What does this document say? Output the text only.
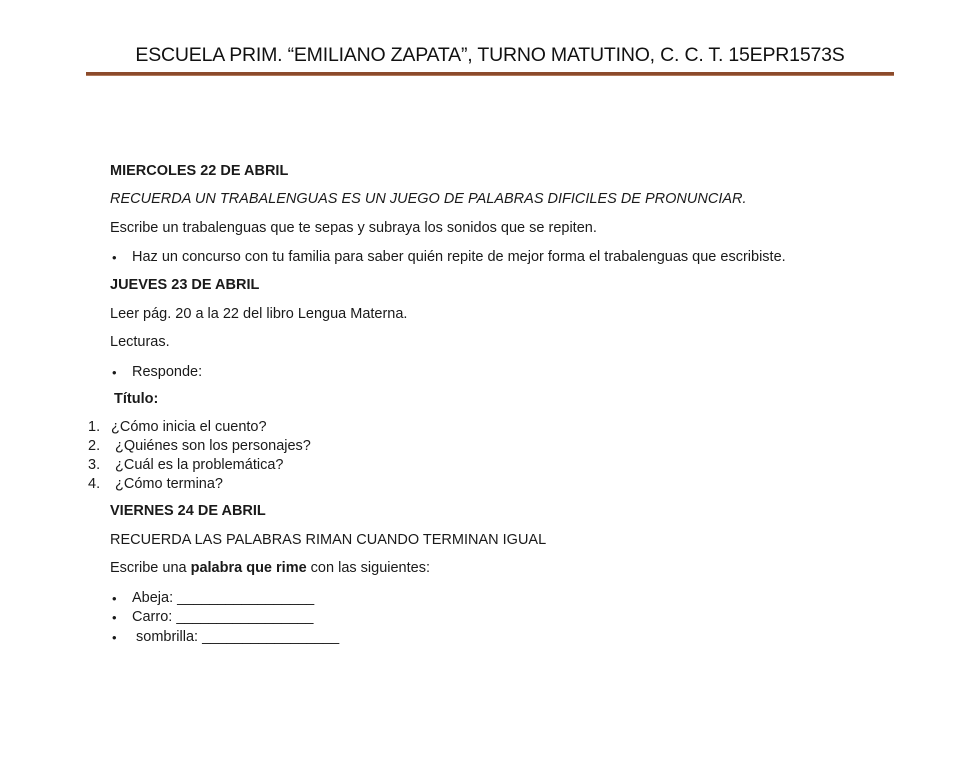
ESCUELA PRIM. “EMILIANO ZAPATA”, TURNO MATUTINO, C. C. T. 15EPR1573S
MIERCOLES 22 DE ABRIL
RECUERDA UN TRABALENGUAS ES UN JUEGO DE PALABRAS DIFICILES DE PRONUNCIAR.
Escribe un trabalenguas que te sepas y subraya los sonidos que se repiten.
• Haz un concurso con tu familia para saber quién repite de mejor forma el trabalenguas que escribiste.
JUEVES 23 DE ABRIL
Leer pág. 20 a la 22 del libro Lengua Materna.
Lecturas.
• Responde:
Título:
1. ¿Cómo inicia el cuento?
2. ¿Quiénes son los personajes?
3. ¿Cuál es la problemática?
4. ¿Cómo termina?
VIERNES 24 DE ABRIL
RECUERDA LAS PALABRAS RIMAN CUANDO TERMINAN IGUAL
Escribe una palabra que rime con las siguientes:
• Abeja: _________________
• Carro: _________________
• sombrilla: _________________
